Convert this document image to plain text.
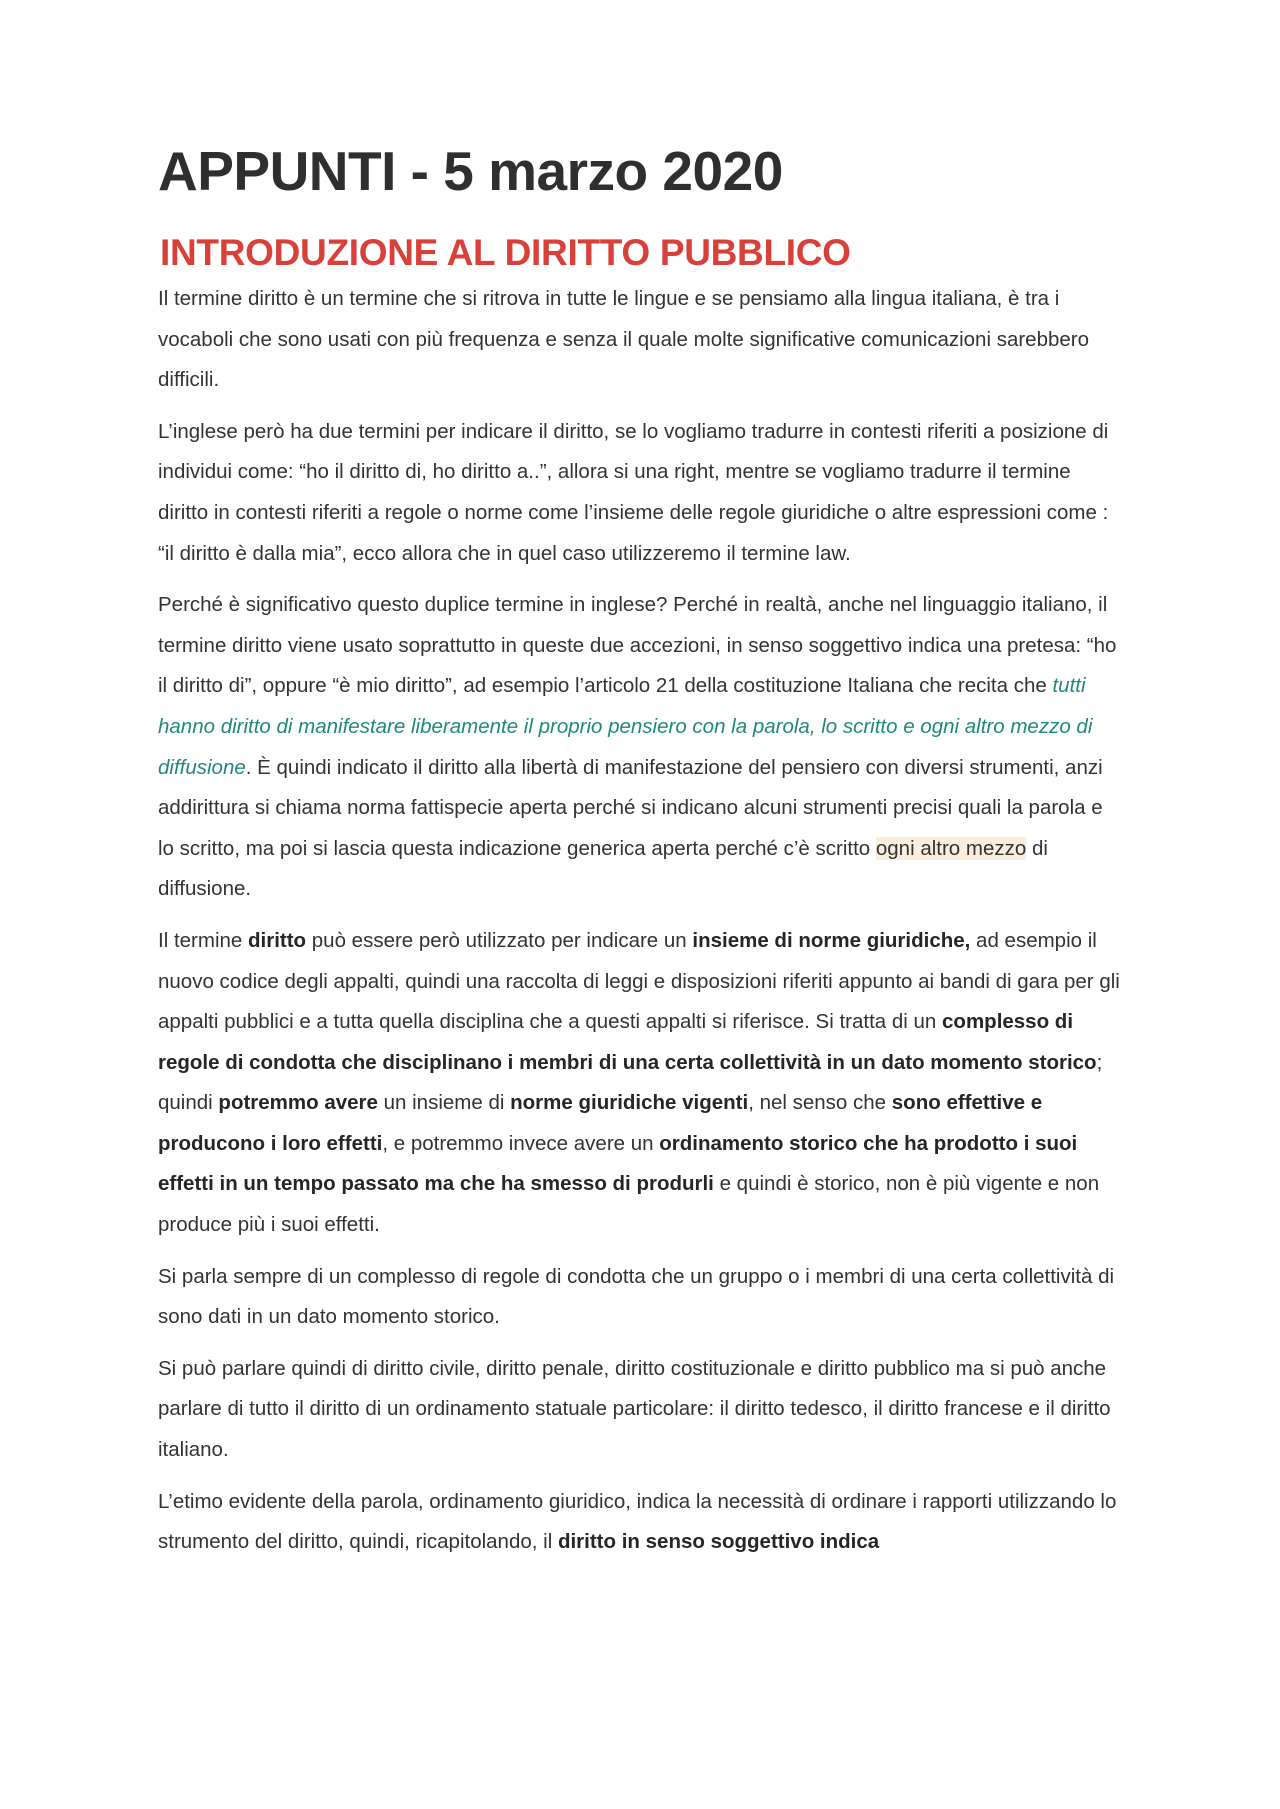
APPUNTI - 5 marzo 2020
INTRODUZIONE AL DIRITTO PUBBLICO

Il termine diritto è un termine che si ritrova in tutte le lingue e se pensiamo alla lingua italiana, è tra i vocaboli che sono usati con più frequenza e senza il quale molte significative comunicazioni sarebbero difficili.

L’inglese però ha due termini per indicare il diritto, se lo vogliamo tradurre in contesti riferiti a posizione di individui come: “ho il diritto di, ho diritto a..”, allora si una right, mentre se vogliamo tradurre il termine diritto in contesti riferiti a regole o norme come l’insieme delle regole giuridiche o altre espressioni come : “il diritto è dalla mia”, ecco allora che in quel caso utilizzeremo il termine law.

Perché è significativo questo duplice termine in inglese? Perché in realtà, anche nel linguaggio italiano, il termine diritto viene usato soprattutto in queste due accezioni, in senso soggettivo indica una pretesa: “ho il diritto di”, oppure “è mio diritto”, ad esempio l’articolo 21 della costituzione Italiana che recita che tutti hanno diritto di manifestare liberamente il proprio pensiero con la parola, lo scritto e ogni altro mezzo di diffusione. È quindi indicato il diritto alla libertà di manifestazione del pensiero con diversi strumenti, anzi addirittura si chiama norma fattispecie aperta perché si indicano alcuni strumenti precisi quali la parola e lo scritto, ma poi si lascia questa indicazione generica aperta perché c’è scritto ogni altro mezzo di diffusione.

Il termine diritto può essere però utilizzato per indicare un insieme di norme giuridiche, ad esempio il nuovo codice degli appalti, quindi una raccolta di leggi e disposizioni riferiti appunto ai bandi di gara per gli appalti pubblici e a tutta quella disciplina che a questi appalti si riferisce. Si tratta di un complesso di regole di condotta che disciplinano i membri di una certa collettività in un dato momento storico; quindi potremmo avere un insieme di norme giuridiche vigenti, nel senso che sono effettive e producono i loro effetti, e potremmo invece avere un ordinamento storico che ha prodotto i suoi effetti in un tempo passato ma che ha smesso di produrli e quindi è storico, non è più vigente e non produce più i suoi effetti.

Si parla sempre di un complesso di regole di condotta che un gruppo o i membri di una certa collettività di sono dati in un dato momento storico.

Si può parlare quindi di diritto civile, diritto penale, diritto costituzionale e diritto pubblico ma si può anche parlare di tutto il diritto di un ordinamento statuale particolare: il diritto tedesco, il diritto francese e il diritto italiano.

L’etimo evidente della parola, ordinamento giuridico, indica la necessità di ordinare i rapporti utilizzando lo strumento del diritto, quindi, ricapitolando, il diritto in senso soggettivo indica
